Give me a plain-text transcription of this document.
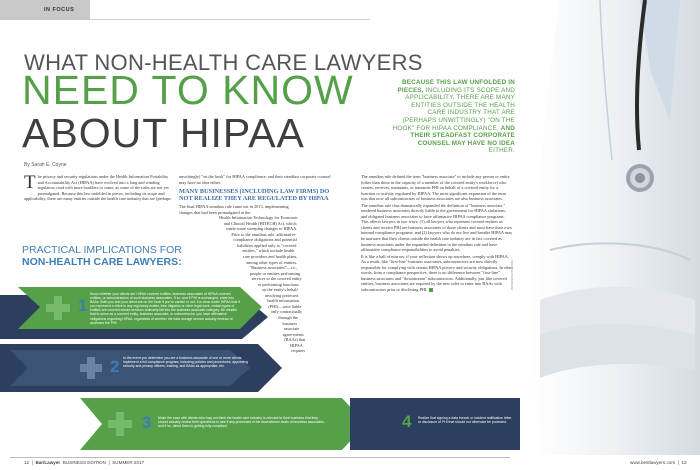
IN FOCUS
WHAT NON-HEALTH CARE LAWYERS
NEED TO KNOW
ABOUT HIPAA
By Sarah E. Coyne
BECAUSE THIS LAW UNFOLDED IN PIECES, INCLUDING ITS SCOPE AND APPLICABILITY, THERE ARE MANY ENTITIES OUTSIDE THE HEALTH CARE INDUSTRY THAT ARE (PERHAPS UNWITTINGLY) "ON THE HOOK" FOR HIPAA COMPLIANCE, AND THEIR STEADFAST CORPORATE COUNSEL MAY HAVE NO IDEA EITHER.

The privacy and security regulations under the Health Information Portability and Accountability Act (HIPAA) have evolved into a long and winding regulatory road with more boulders to come, as some of the rules are not yet promulgated. Because this law unfolded in pieces, including its scope and applicability, there are many entities outside the health care industry that are (perhaps

unwittingly) "on the hook" for HIPAA compliance, and their steadfast corporate counsel may have no idea either.

MANY BUSINESSES (INCLUDING LAW FIRMS) DO NOT REALIZE THEY ARE REGULATED BY HIPAA
The final HIPAA omnibus rule came out in 2013, implementing
changes that had been promulgated in the
Health Information Technology for Economic
and Clinical Health (HITECH) Act, which
made some sweeping changes to HIPAA.
Prior to the omnibus rule, affirmative
compliance obligations and potential
liabilities applied only to "covered
entities," which include health
care providers and health plans,
among other types of entities.
"Business associates"—i.e.,
people or entities performing
services to the covered entity
or performing functions
on the entity's behalf
involving protected
health information
(PHI)—were liable
only contractually
through the
business
associate
agree-ments
(BAAs) that
HIPAA
requires

The omnibus rule defined the term "business associate" to include any person or entity (other than those in the capacity of a member of the covered entity's workforce) who creates, receives, maintains, or transmits PHI on behalf of a covered entity for a function or activity regulated by HIPAA. The most significant expansion of the term was that now all subcontractors of business associates are also business associates.

The omnibus rule thus dramatically expanded the definition of "business associate," rendered business associates directly liable to the government for HIPAA violations, and obligated business associates to have affirmative HIPAA compliance programs. This affects lawyers in two ways: (1) all lawyers who represent covered entities as clients and receive PHI are business associates of those clients and most have their own internal compliance programs; and (2) lawyers who do not live and breathe HIPAA may be unaware that their clients outside the health care industry are in fact covered as business associates under the expanded definition in the omnibus rule and have affirmative compliance responsibilities to avoid penalties.

It is like a hall of mirrors: if your reflection shows up anywhere, comply with HIPAA. As a result, like "first-line" business associates, subcontractors are now directly responsible for complying with certain HIPAA privacy and security obligations. In other words, from a compliance perspective, there is no difference between "first-line" business associates and "downstream" subcontractors. Additionally, just like covered entities, business associates are required by the new rules to enter into BAAs with subcontractors prior to disclosing PHI.

PRACTICAL IMPLICATIONS FOR
NON-HEALTH CARE LAWYERS:
1
Know whether your clients are HIPAA covered entities, business associates of HIPAA covered entities, or subcontractors of such business associates. If so, and if PHI is exchanged, enter into BAAs. Both you and your client are on the hook if you're careful or not. It is clear under HIPAA that if you represent a client in any regulatory matter, then litigation or other legal work, certain types of entities are covered whose services ordinarily fall into the business associate category. Be mindful that to serve as a covered entity, business associate, or subcontractor, you have affirmative obligations regarding HIPAA, regardless of whether the data storage service actually reviews or accesses the PHI.
2 In the event you determine you are a business associate of one or more clients, implement a full compliance program, including policies and procedures, appointing security and privacy officers, training, and BAAs as appropriate, etc.
3 Make the case with clients who may not think the health care industry is relevant to their business that they should actually review their operations to see if any processes in the downstream chain of business associates, and if so, direct them to getting fully compliant.	4 Realize that signing a data breach or incident notification letter or disclosure of PHI that should not otherwise be protected.
ISTOCKPHOTO.COM
12  |  Bar/Lawyer BUSINESS EDITION  |  SUMMER 2017	www.bestlawyers.com  |  13
